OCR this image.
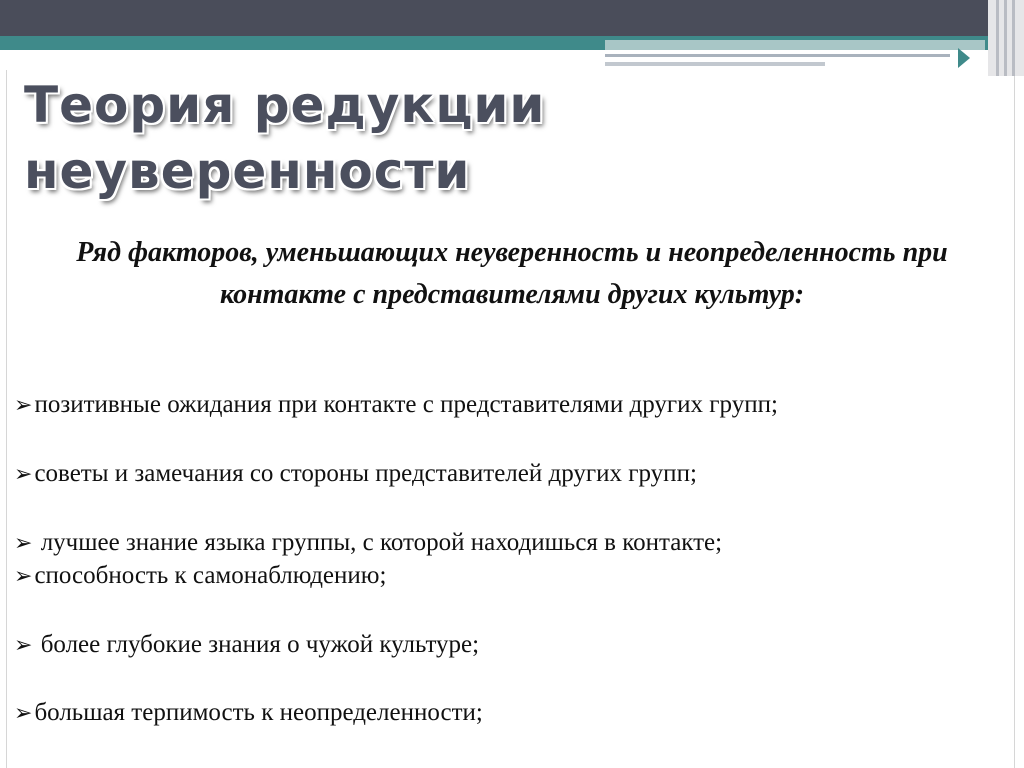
Теория редукции
неуверенности
Ряд факторов, уменьшающих неуверенность и неопределенность при контакте с представителями других культур:
➢позитивные ожидания при контакте с представителями других групп;
➢советы и замечания со стороны представителей других групп;
➢ лучшее знание языка группы, с которой находишься в контакте;
➢способность к самонаблюдению;
➢ более глубокие знания о чужой культуре;
➢большая терпимость к неопределенности;
